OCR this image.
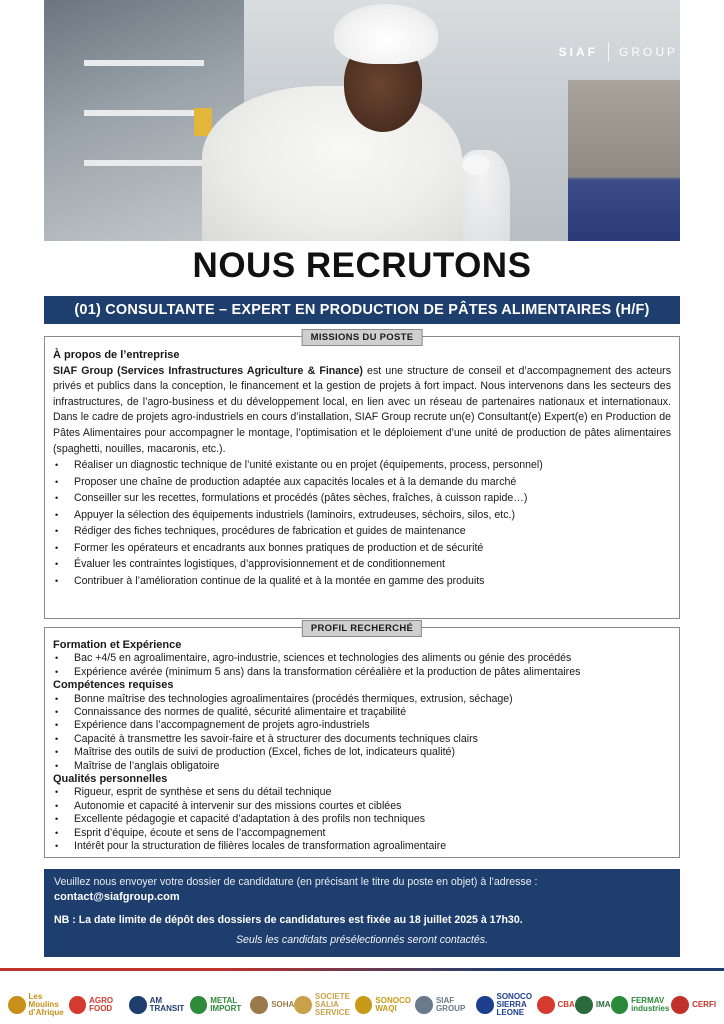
SIAF GROUP
NOUS RECRUTONS
(01) CONSULTANTE – EXPERT EN PRODUCTION DE PÂTES ALIMENTAIRES (H/F)
MISSIONS DU POSTE
À propos de l’entreprise
SIAF Group (Services Infrastructures Agriculture & Finance) est une structure de conseil et d’accompagnement des acteurs privés et publics dans la conception, le financement et la gestion de projets à fort impact. Nous intervenons dans les secteurs des infrastructures, de l’agro-business et du développement local, en lien avec un réseau de partenaires nationaux et internationaux. Dans le cadre de projets agro-industriels en cours d’installation, SIAF Group recrute un(e) Consultant(e) Expert(e) en Production de Pâtes Alimentaires pour accompagner le montage, l’optimisation et le déploiement d’une unité de production de pâtes alimentaires (spaghetti, nouilles, macaronis, etc.).
• Réaliser un diagnostic technique de l’unité existante ou en projet (équipements, process, personnel)
• Proposer une chaîne de production adaptée aux capacités locales et à la demande du marché
• Conseiller sur les recettes, formulations et procédés (pâtes sèches, fraîches, à cuisson rapide…)
• Appuyer la sélection des équipements industriels (laminoirs, extrudeuses, séchoirs, silos, etc.)
• Rédiger des fiches techniques, procédures de fabrication et guides de maintenance
• Former les opérateurs et encadrants aux bonnes pratiques de production et de sécurité
• Évaluer les contraintes logistiques, d’approvisionnement et de conditionnement
• Contribuer à l’amélioration continue de la qualité et à la montée en gamme des produits
PROFIL RECHERCHÉ
Formation et Expérience
• Bac +4/5 en agroalimentaire, agro-industrie, sciences et technologies des aliments ou génie des procédés
• Expérience avérée (minimum 5 ans) dans la transformation céréalière et la production de pâtes alimentaires
Compétences requises
• Bonne maîtrise des technologies agroalimentaires (procédés thermiques, extrusion, séchage)
• Connaissance des normes de qualité, sécurité alimentaire et traçabilité
• Expérience dans l’accompagnement de projets agro-industriels
• Capacité à transmettre les savoir-faire et à structurer des documents techniques clairs
• Maîtrise des outils de suivi de production (Excel, fiches de lot, indicateurs qualité)
• Maîtrise de l’anglais obligatoire
Qualités personnelles
• Rigueur, esprit de synthèse et sens du détail technique
• Autonomie et capacité à intervenir sur des missions courtes et ciblées
• Excellente pédagogie et capacité d’adaptation à des profils non techniques
• Esprit d’équipe, écoute et sens de l’accompagnement
• Intérêt pour la structuration de filières locales de transformation agroalimentaire
Veuillez nous envoyer votre dossier de candidature (en précisant le titre du poste en objet) à l’adresse :
contact@siafgroup.com
NB : La date limite de dépôt des dossiers de candidatures est fixée au 18 juillet 2025 à 17h30.
Seuls les candidats présélectionnés seront contactés.
Les Moulins d’Afrique
AGRO FOOD
AM TRANSIT
METAL IMPORT	SOHA
SOCIETE SALIA SERVICE
SONOCO WAQI
SIAF GROUP
SONOCO SIERRA LEONE
CBA	IMA	FERMAV industries	CERFI
